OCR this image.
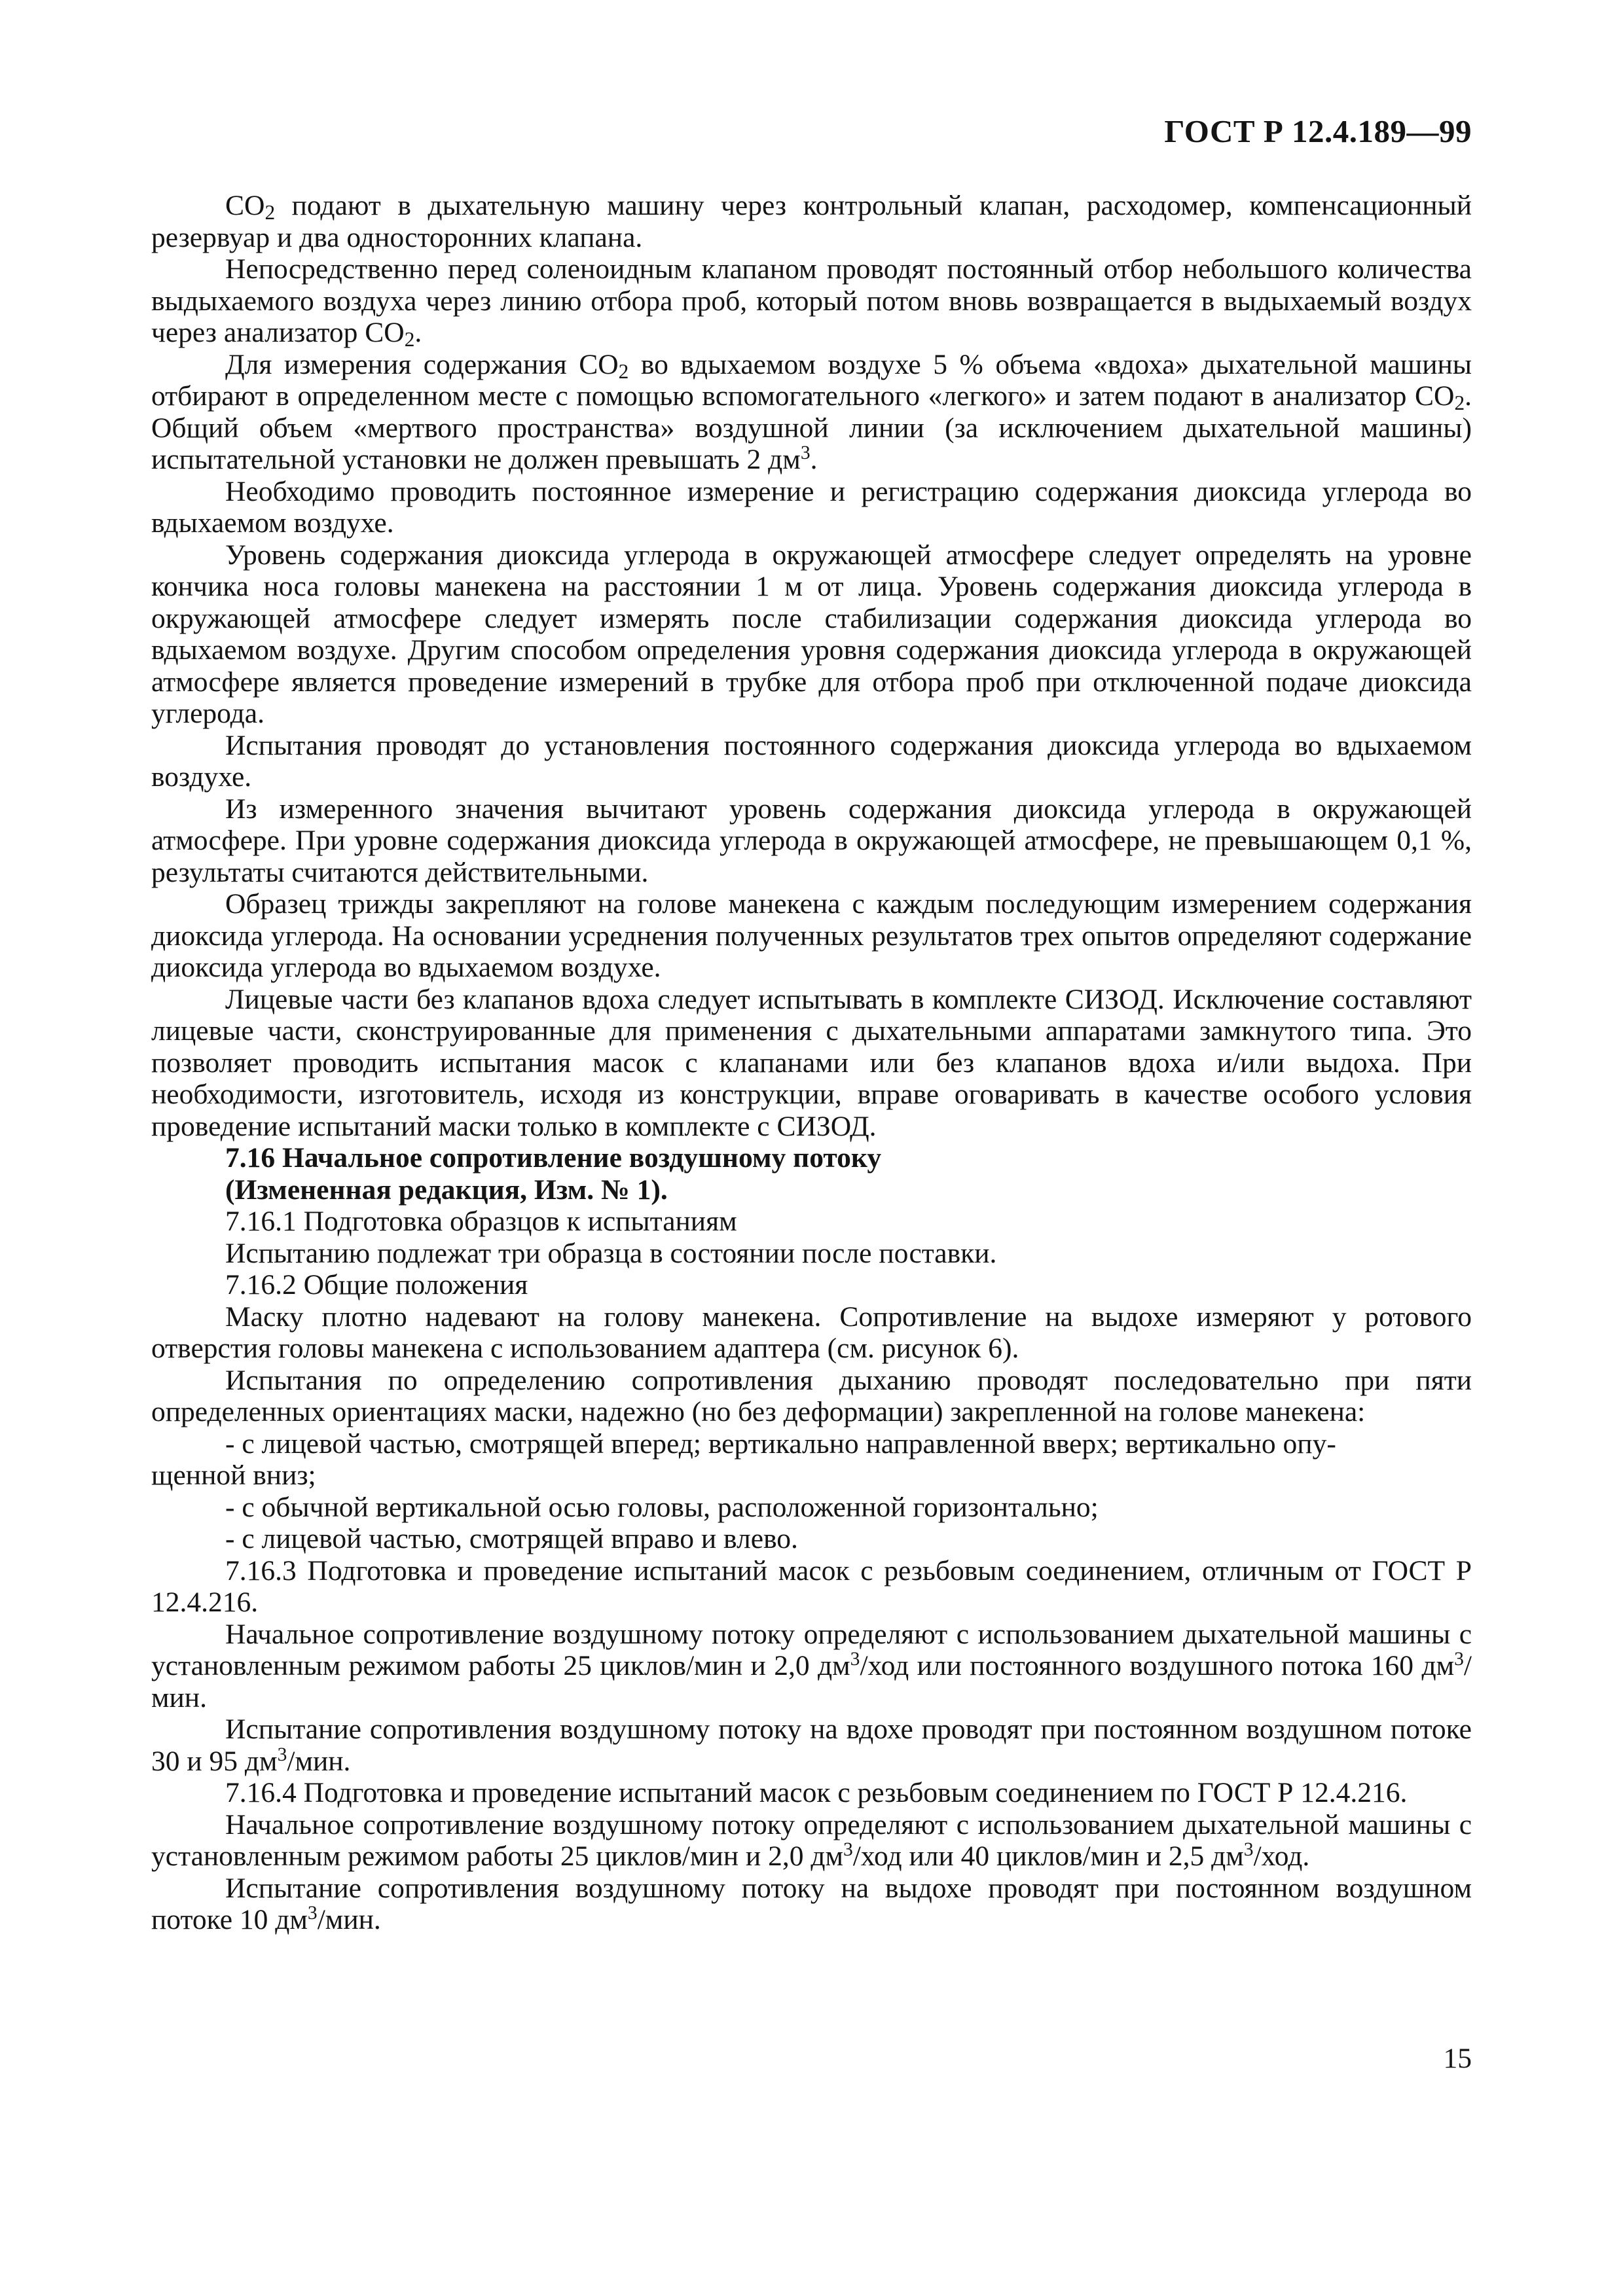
ГОСТ Р 12.4.189—99

$CO_2$ подают в дыхательную машину через контрольный клапан, расходомер, компенсационный резервуар и два односторонних клапана.

Непосредственно перед соленоидным клапаном проводят постоянный отбор небольшого количества выдыхаемого воздуха через линию отбора проб, который потом вновь возвращается в выдыхаемый воздух через анализатор $CO_2$.

Для измерения содержания $CO_2$ во вдыхаемом воздухе 5 % объема «вдоха» дыхательной машины отбирают в определенном месте с помощью вспомогательного «легкого» и затем подают в анализатор $CO_2$. Общий объем «мертвого пространства» воздушной линии (за исключением дыхательной машины) испытательной установки не должен превышать 2 $дм^3$.

Необходимо проводить постоянное измерение и регистрацию содержания диоксида углерода во вдыхаемом воздухе.

Уровень содержания диоксида углерода в окружающей атмосфере следует определять на уровне кончика носа головы манекена на расстоянии 1 м от лица. Уровень содержания диоксида углерода в окружающей атмосфере следует измерять после стабилизации содержания диоксида углерода во вдыхаемом воздухе. Другим способом определения уровня содержания диоксида углерода в окружающей атмосфере является проведение измерений в трубке для отбора проб при отключенной подаче диоксида углерода.

Испытания проводят до установления постоянного содержания диоксида углерода во вдыхаемом воздухе.

Из измеренного значения вычитают уровень содержания диоксида углерода в окружающей атмосфере. При уровне содержания диоксида углерода в окружающей атмосфере, не превышающем 0,1 %, результаты считаются действительными.

Образец трижды закрепляют на голове манекена с каждым последующим измерением содержания диоксида углерода. На основании усреднения полученных результатов трех опытов определяют содержание диоксида углерода во вдыхаемом воздухе.

Лицевые части без клапанов вдоха следует испытывать в комплекте СИЗОД. Исключение составляют лицевые части, сконструированные для применения с дыхательными аппаратами замкнутого типа. Это позволяет проводить испытания масок с клапанами или без клапанов вдоха и/или выдоха. При необходимости, изготовитель, исходя из конструкции, вправе оговаривать в качестве особого условия проведение испытаний маски только в комплекте с СИЗОД.

7.16 Начальное сопротивление воздушному потоку

(Измененная редакция, Изм. № 1).

7.16.1 Подготовка образцов к испытаниям

Испытанию подлежат три образца в состоянии после поставки.

7.16.2 Общие положения

Маску плотно надевают на голову манекена. Сопротивление на выдохе измеряют у ротового отверстия головы манекена с использованием адаптера (см. рисунок 6).

Испытания по определению сопротивления дыханию проводят последовательно при пяти определенных ориентациях маски, надежно (но без деформации) закрепленной на голове манекена:

- с лицевой частью, смотрящей вперед; вертикально направленной вверх; вертикально опу-

щенной вниз;

- с обычной вертикальной осью головы, расположенной горизонтально;

- с лицевой частью, смотрящей вправо и влево.

7.16.3 Подготовка и проведение испытаний масок с резьбовым соединением, отличным от ГОСТ Р 12.4.216.

Начальное сопротивление воздушному потоку определяют с использованием дыхательной машины с установленным режимом работы 25 циклов/мин и 2,0 $дм^3$/ход или постоянного воздушного потока 160 $дм^3$/мин.

Испытание сопротивления воздушному потоку на вдохе проводят при постоянном воздушном потоке 30 и 95 $дм^3$/мин.

7.16.4 Подготовка и проведение испытаний масок с резьбовым соединением по ГОСТ Р 12.4.216.

Начальное сопротивление воздушному потоку определяют с использованием дыхательной машины с установленным режимом работы 25 циклов/мин и 2,0 $дм^3$/ход или 40 циклов/мин и 2,5 $дм^3$/ход.

Испытание сопротивления воздушному потоку на выдохе проводят при постоянном воздушном потоке 10 $дм^3$/мин.

15
